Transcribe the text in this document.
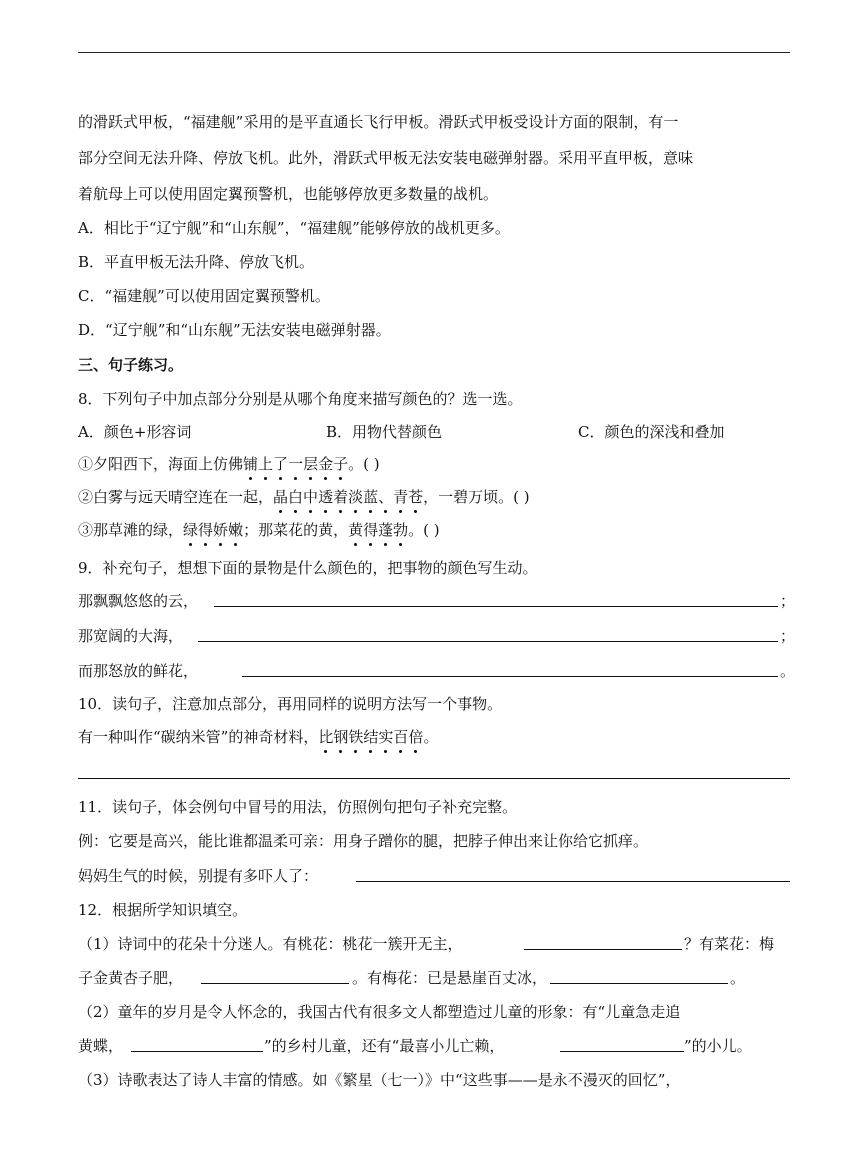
的滑跃式甲板，“福建舰”采用的是平直通长飞行甲板。滑跃式甲板受设计方面的限制，有一
部分空间无法升降、停放飞机。此外，滑跃式甲板无法安装电磁弹射器。采用平直甲板，意味
着航母上可以使用固定翼预警机，也能够停放更多数量的战机。
A．相比于“辽宁舰”和“山东舰”，“福建舰”能够停放的战机更多。
B．平直甲板无法升降、停放飞机。
C．“福建舰”可以使用固定翼预警机。
D．“辽宁舰”和“山东舰”无法安装电磁弹射器。
三、句子练习。
8．下列句子中加点部分分别是从哪个角度来描写颜色的？选一选。
A．颜色+形容词	B．用物代替颜色	C．颜色的深浅和叠加
①夕阳西下，海面上仿佛铺上了一层金子。( )
②白雾与远天晴空连在一起，晶白中透着淡蓝、青苍，一碧万顷。( )
③那草滩的绿，绿得娇嫩；那菜花的黄，黄得蓬勃。( )
9．补充句子，想想下面的景物是什么颜色的，把事物的颜色写生动。
那飘飘悠悠的云，	；
那宽阔的大海，	；
而那怒放的鲜花，	。
10．读句子，注意加点部分，再用同样的说明方法写一个事物。
有一种叫作“碳纳米管”的神奇材料，比钢铁结实百倍。
11．读句子，体会例句中冒号的用法，仿照例句把句子补充完整。
例：它要是高兴，能比谁都温柔可亲：用身子蹭你的腿，把脖子伸出来让你给它抓痒。
妈妈生气的时候，别提有多吓人了：
12．根据所学知识填空。
（1）诗词中的花朵十分迷人。有桃花：桃花一簇开无主，	？有菜花：梅
子金黄杏子肥，	。有梅花：已是悬崖百丈冰，	。
（2）童年的岁月是令人怀念的，我国古代有很多文人都塑造过儿童的形象：有“儿童急走追
黄蝶，	”的乡村儿童，还有“最喜小儿亡赖，	”的小儿。
（3）诗歌表达了诗人丰富的情感。如《繁星（七一）》中“这些事——是永不漫灭的回忆”，
